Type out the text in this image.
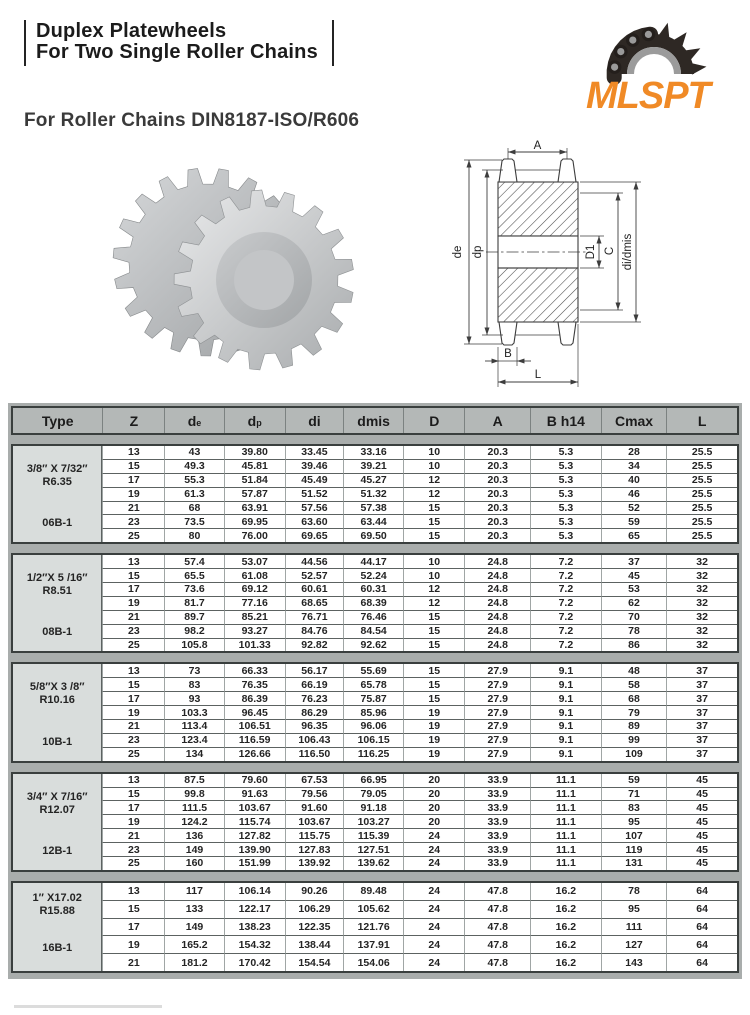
Duplex Platewheels
For Two Single Roller Chains
MLSPT
For Roller Chains DIN8187-ISO/R606
A
de dp	D1 C di/dmis
B
L
Type	Z	d e	d p	di	dmis	D	A	B h14	Cmax	L
3/8″ X 7/32″
R6.35
06B-1
13	43	39.80	33.45	33.16	10	20.3	5.3	28	25.5
15	49.3	45.81	39.46	39.21	10	20.3	5.3	34	25.5
17	55.3	51.84	45.49	45.27	12	20.3	5.3	40	25.5
19	61.3	57.87	51.52	51.32	12	20.3	5.3	46	25.5
21	68	63.91	57.56	57.38	15	20.3	5.3	52	25.5
23	73.5	69.95	63.60	63.44	15	20.3	5.3	59	25.5
25	80	76.00	69.65	69.50	15	20.3	5.3	65	25.5
1/2″X 5 /16″
R8.51
08B-1
13	57.4	53.07	44.56	44.17	10	24.8	7.2	37	32
15	65.5	61.08	52.57	52.24	10	24.8	7.2	45	32
17	73.6	69.12	60.61	60.31	12	24.8	7.2	53	32
19	81.7	77.16	68.65	68.39	12	24.8	7.2	62	32
21	89.7	85.21	76.71	76.46	15	24.8	7.2	70	32
23	98.2	93.27	84.76	84.54	15	24.8	7.2	78	32
25	105.8	101.33	92.82	92.62	15	24.8	7.2	86	32
5/8″X 3 /8″
R10.16
10B-1
13	73	66.33	56.17	55.69	15	27.9	9.1	48	37
15	83	76.35	66.19	65.78	15	27.9	9.1	58	37
17	93	86.39	76.23	75.87	15	27.9	9.1	68	37
19	103.3	96.45	86.29	85.96	19	27.9	9.1	79	37
21	113.4	106.51	96.35	96.06	19	27.9	9.1	89	37
23	123.4	116.59	106.43	106.15	19	27.9	9.1	99	37
25	134	126.66	116.50	116.25	19	27.9	9.1	109	37
3/4″ X 7/16″
R12.07
12B-1
13	87.5	79.60	67.53	66.95	20	33.9	11.1	59	45
15	99.8	91.63	79.56	79.05	20	33.9	11.1	71	45
17	111.5	103.67	91.60	91.18	20	33.9	11.1	83	45
19	124.2	115.74	103.67	103.27	20	33.9	11.1	95	45
21	136	127.82	115.75	115.39	24	33.9	11.1	107	45
23	149	139.90	127.83	127.51	24	33.9	11.1	119	45
25	160	151.99	139.92	139.62	24	33.9	11.1	131	45
1″ X17.02
R15.88
16B-1
13	117	106.14	90.26	89.48	24	47.8	16.2	78	64
15	133	122.17	106.29	105.62	24	47.8	16.2	95	64
17	149	138.23	122.35	121.76	24	47.8	16.2	111	64
19	165.2	154.32	138.44	137.91	24	47.8	16.2	127	64
21	181.2	170.42	154.54	154.06	24	47.8	16.2	143	64
